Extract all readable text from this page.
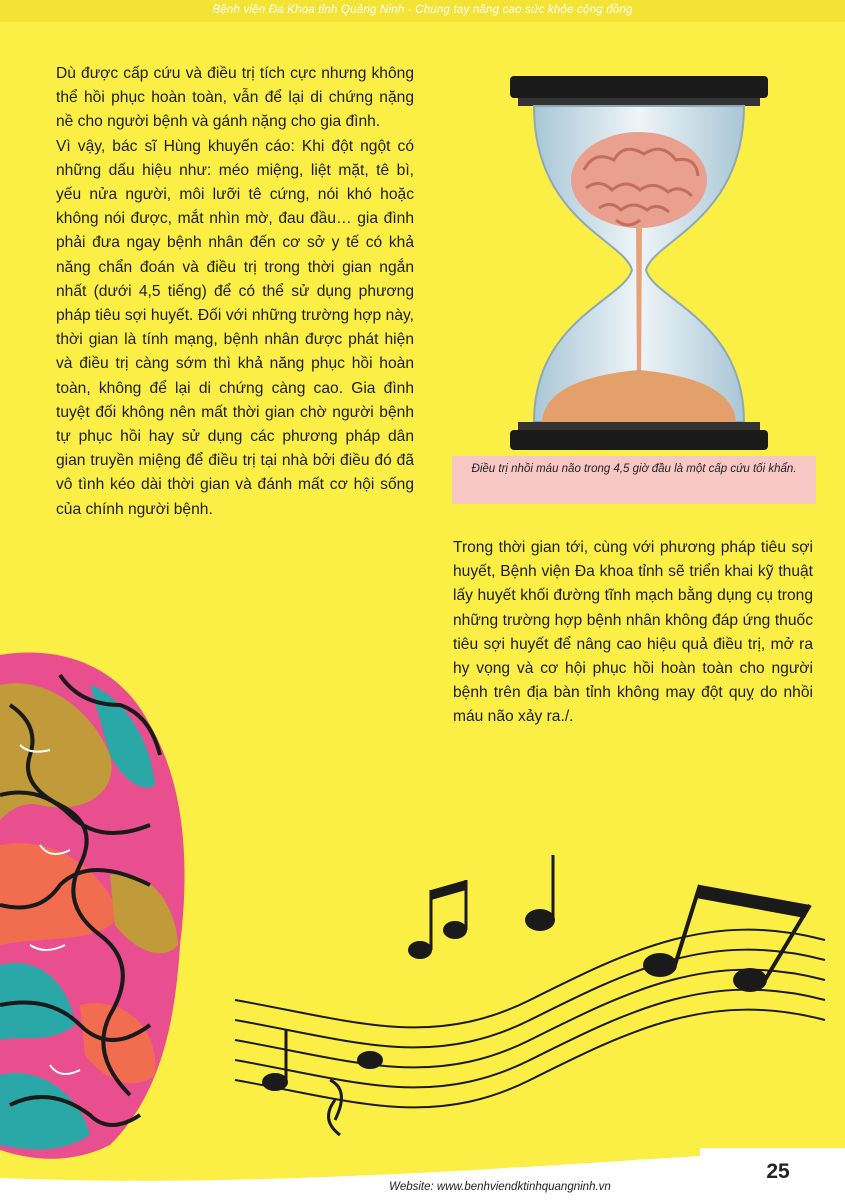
Bệnh viện Đa Khoa tỉnh Quảng Ninh - Chung tay nâng cao sức khỏe cộng đồng

Dù được cấp cứu và điều trị tích cực nhưng không thể hồi phục hoàn toàn, vẫn để lại di chứng nặng nề cho người bệnh và gánh nặng cho gia đình.

Vì vậy, bác sĩ Hùng khuyến cáo: Khi đột ngột có những dấu hiệu như: méo miệng, liệt mặt, tê bì, yếu nửa người, môi lưỡi tê cứng, nói khó hoặc không nói được, mắt nhìn mờ, đau đầu… gia đình phải đưa ngay bệnh nhân đến cơ sở y tế có khả năng chẩn đoán và điều trị trong thời gian ngắn nhất (dưới 4,5 tiếng) để có thể sử dụng phương pháp tiêu sợi huyết. Đối với những trường hợp này, thời gian là tính mạng, bệnh nhân được phát hiện và điều trị càng sớm thì khả năng phục hồi hoàn toàn, không để lại di chứng càng cao. Gia đình tuyệt đối không nên mất thời gian chờ người bệnh tự phục hồi hay sử dụng các phương pháp dân gian truyền miệng để điều trị tại nhà bởi điều đó đã vô tình kéo dài thời gian và đánh mất cơ hội sống của chính người bệnh.

Điều trị nhồi máu não trong 4,5 giờ đầu là một cấp cứu tối khẩn.

Trong thời gian tới, cùng với phương pháp tiêu sợi huyết, Bệnh viện Đa khoa tỉnh sẽ triển khai kỹ thuật lấy huyết khối đường tĩnh mạch bằng dụng cụ trong những trường hợp bệnh nhân không đáp ứng thuốc tiêu sợi huyết để nâng cao hiệu quả điều trị, mở ra hy vọng và cơ hội phục hồi hoàn toàn cho người bệnh trên địa bàn tỉnh không may đột quỵ do nhồi máu não xảy ra./.

25
Website: www.benhviendktinhquangninh.vn
